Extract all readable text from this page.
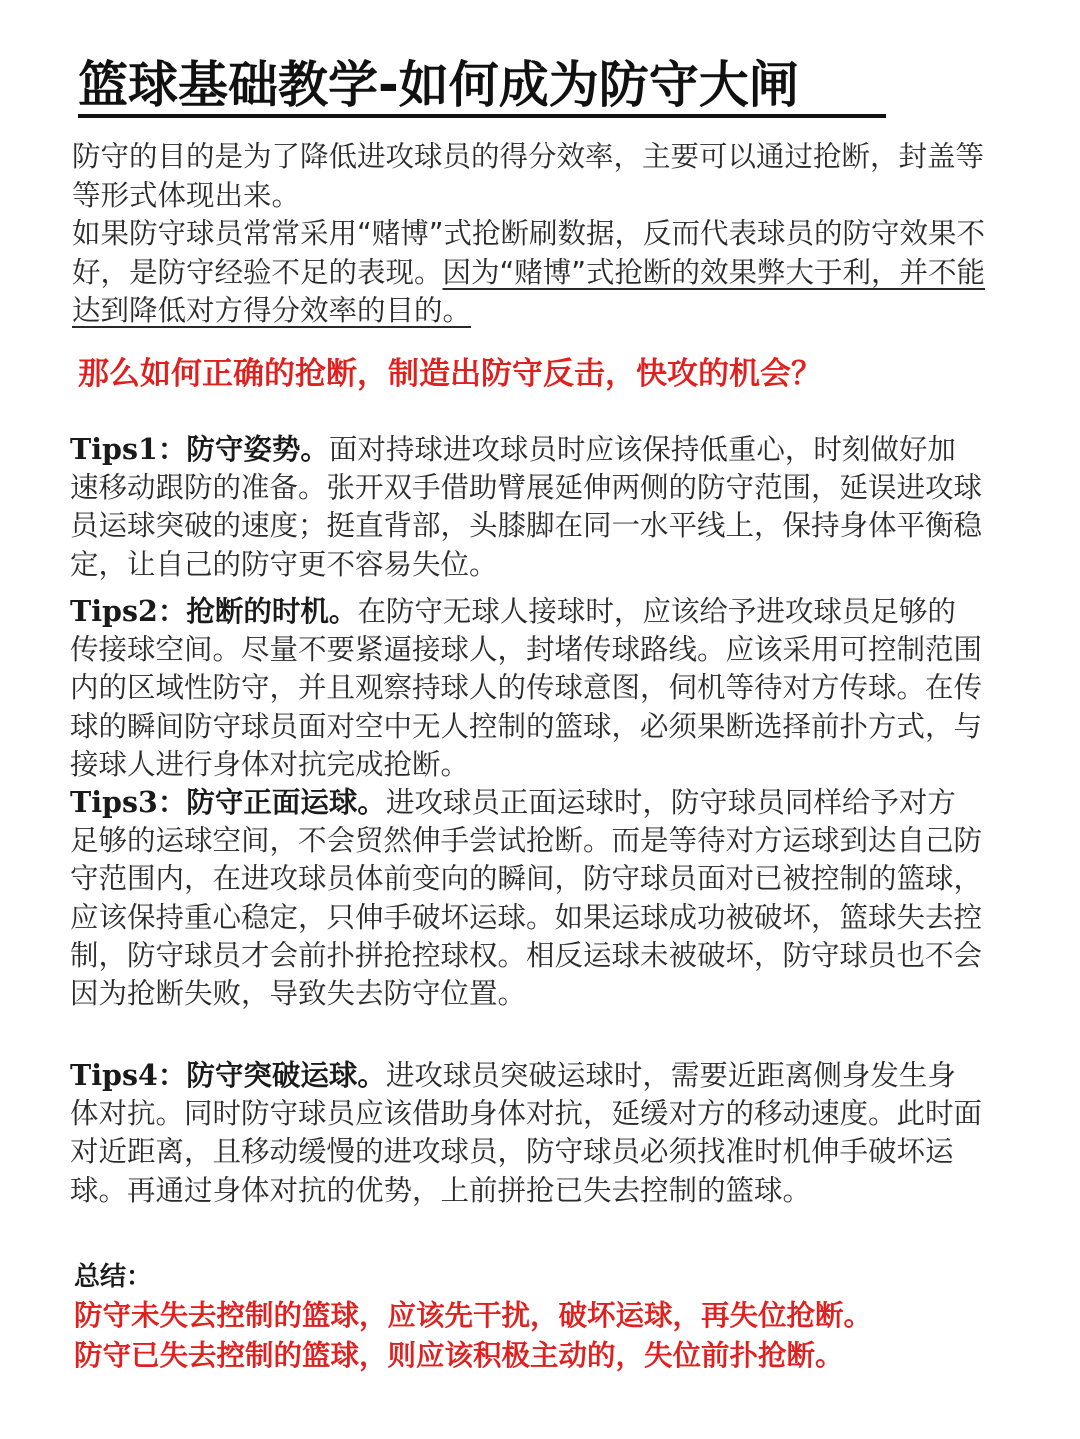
篮球基础教学-如何成为防守大闸

防守的目的是为了降低进攻球员的得分效率，主要可以通过抢断，封盖等等形式体现出来。

如果防守球员常常采用“赌博”式抢断刷数据，反而代表球员的防守效果不好，是防守经验不足的表现。因为“赌博”式抢断的效果弊大于利，并不能达到降低对方得分效率的目的。

那么如何正确的抢断，制造出防守反击，快攻的机会？

Tips1：防守姿势。面对持球进攻球员时应该保持低重心，时刻做好加速移动跟防的准备。张开双手借助臂展延伸两侧的防守范围，延误进攻球员运球突破的速度；挺直背部，头膝脚在同一水平线上，保持身体平衡稳定，让自己的防守更不容易失位。

Tips2：抢断的时机。在防守无球人接球时，应该给予进攻球员足够的传接球空间。尽量不要紧逼接球人，封堵传球路线。应该采用可控制范围内的区域性防守，并且观察持球人的传球意图，伺机等待对方传球。在传球的瞬间防守球员面对空中无人控制的篮球，必须果断选择前扑方式，与接球人进行身体对抗完成抢断。

Tips3：防守正面运球。进攻球员正面运球时，防守球员同样给予对方足够的运球空间，不会贸然伸手尝试抢断。而是等待对方运球到达自己防守范围内，在进攻球员体前变向的瞬间，防守球员面对已被控制的篮球，应该保持重心稳定，只伸手破坏运球。如果运球成功被破坏，篮球失去控制，防守球员才会前扑拼抢控球权。相反运球未被破坏，防守球员也不会因为抢断失败，导致失去防守位置。

Tips4：防守突破运球。进攻球员突破运球时，需要近距离侧身发生身体对抗。同时防守球员应该借助身体对抗，延缓对方的移动速度。此时面对近距离，且移动缓慢的进攻球员，防守球员必须找准时机伸手破坏运球。再通过身体对抗的优势，上前拼抢已失去控制的篮球。

总结：

防守未失去控制的篮球，应该先干扰，破坏运球，再失位抢断。

防守已失去控制的篮球，则应该积极主动的，失位前扑抢断。
